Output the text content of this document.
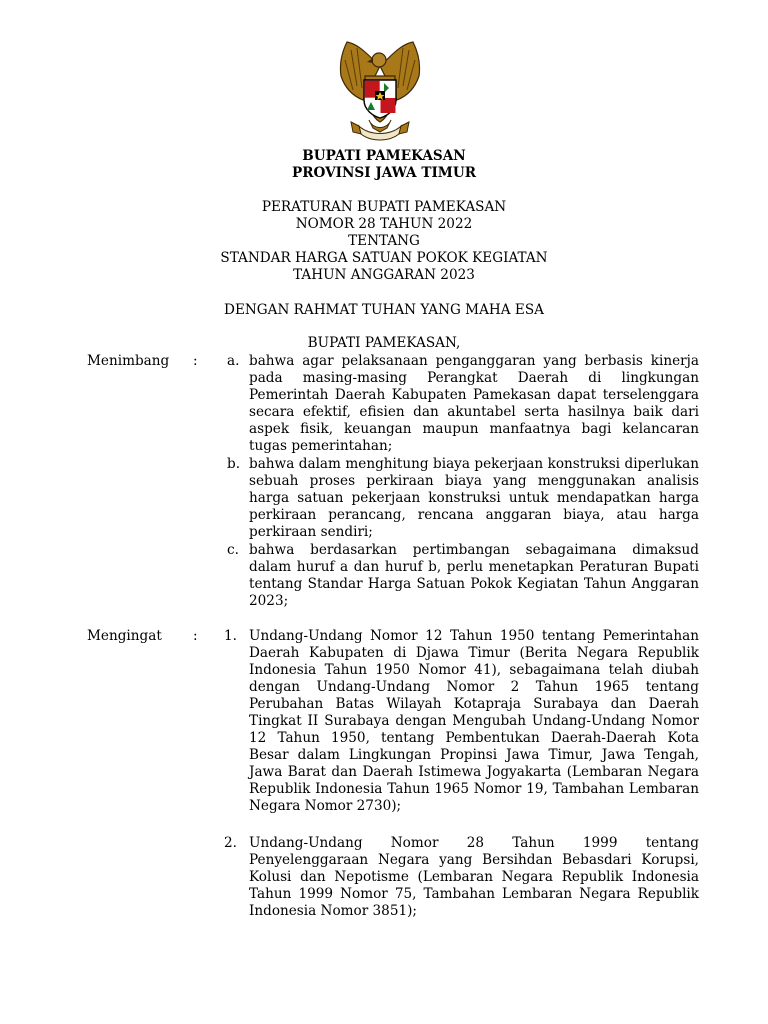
BUPATI PAMEKASAN
PROVINSI JAWA TIMUR
PERATURAN BUPATI PAMEKASAN
NOMOR 28 TAHUN 2022
TENTANG
STANDAR HARGA SATUAN POKOK KEGIATAN
TAHUN ANGGARAN 2023
DENGAN RAHMAT TUHAN YANG MAHA ESA
BUPATI PAMEKASAN,
Menimbang : a. bahwa agar pelaksanaan penganggaran yang berbasis kinerja pada masing-masing Perangkat Daerah di lingkungan Pemerintah Daerah Kabupaten Pamekasan dapat terselenggara secara efektif, efisien dan akuntabel serta hasilnya baik dari aspek fisik, keuangan maupun manfaatnya bagi kelancaran tugas pemerintahan;
b. bahwa dalam menghitung biaya pekerjaan konstruksi diperlukan sebuah proses perkiraan biaya yang menggunakan analisis harga satuan pekerjaan konstruksi untuk mendapatkan harga perkiraan perancang, rencana anggaran biaya, atau harga perkiraan sendiri;
c. bahwa berdasarkan pertimbangan sebagaimana dimaksud dalam huruf a dan huruf b, perlu menetapkan Peraturan Bupati tentang Standar Harga Satuan Pokok Kegiatan Tahun Anggaran 2023;
Mengingat : 1. Undang-Undang Nomor 12 Tahun 1950 tentang Pemerintahan Daerah Kabupaten di Djawa Timur (Berita Negara Republik Indonesia Tahun 1950 Nomor 41), sebagaimana telah diubah dengan Undang-Undang Nomor 2 Tahun 1965 tentang Perubahan Batas Wilayah Kotapraja Surabaya dan Daerah Tingkat II Surabaya dengan Mengubah Undang-Undang Nomor 12 Tahun 1950, tentang Pembentukan Daerah-Daerah Kota Besar dalam Lingkungan Propinsi Jawa Timur, Jawa Tengah, Jawa Barat dan Daerah Istimewa Jogyakarta (Lembaran Negara Republik Indonesia Tahun 1965 Nomor 19, Tambahan Lembaran Negara Nomor 2730);
2. Undang-Undang Nomor 28 Tahun 1999 tentang Penyelenggaraan Negara yang Bersihdan Bebasdari Korupsi, Kolusi dan Nepotisme (Lembaran Negara Republik Indonesia Tahun 1999 Nomor 75, Tambahan Lembaran Negara Republik Indonesia Nomor 3851);
